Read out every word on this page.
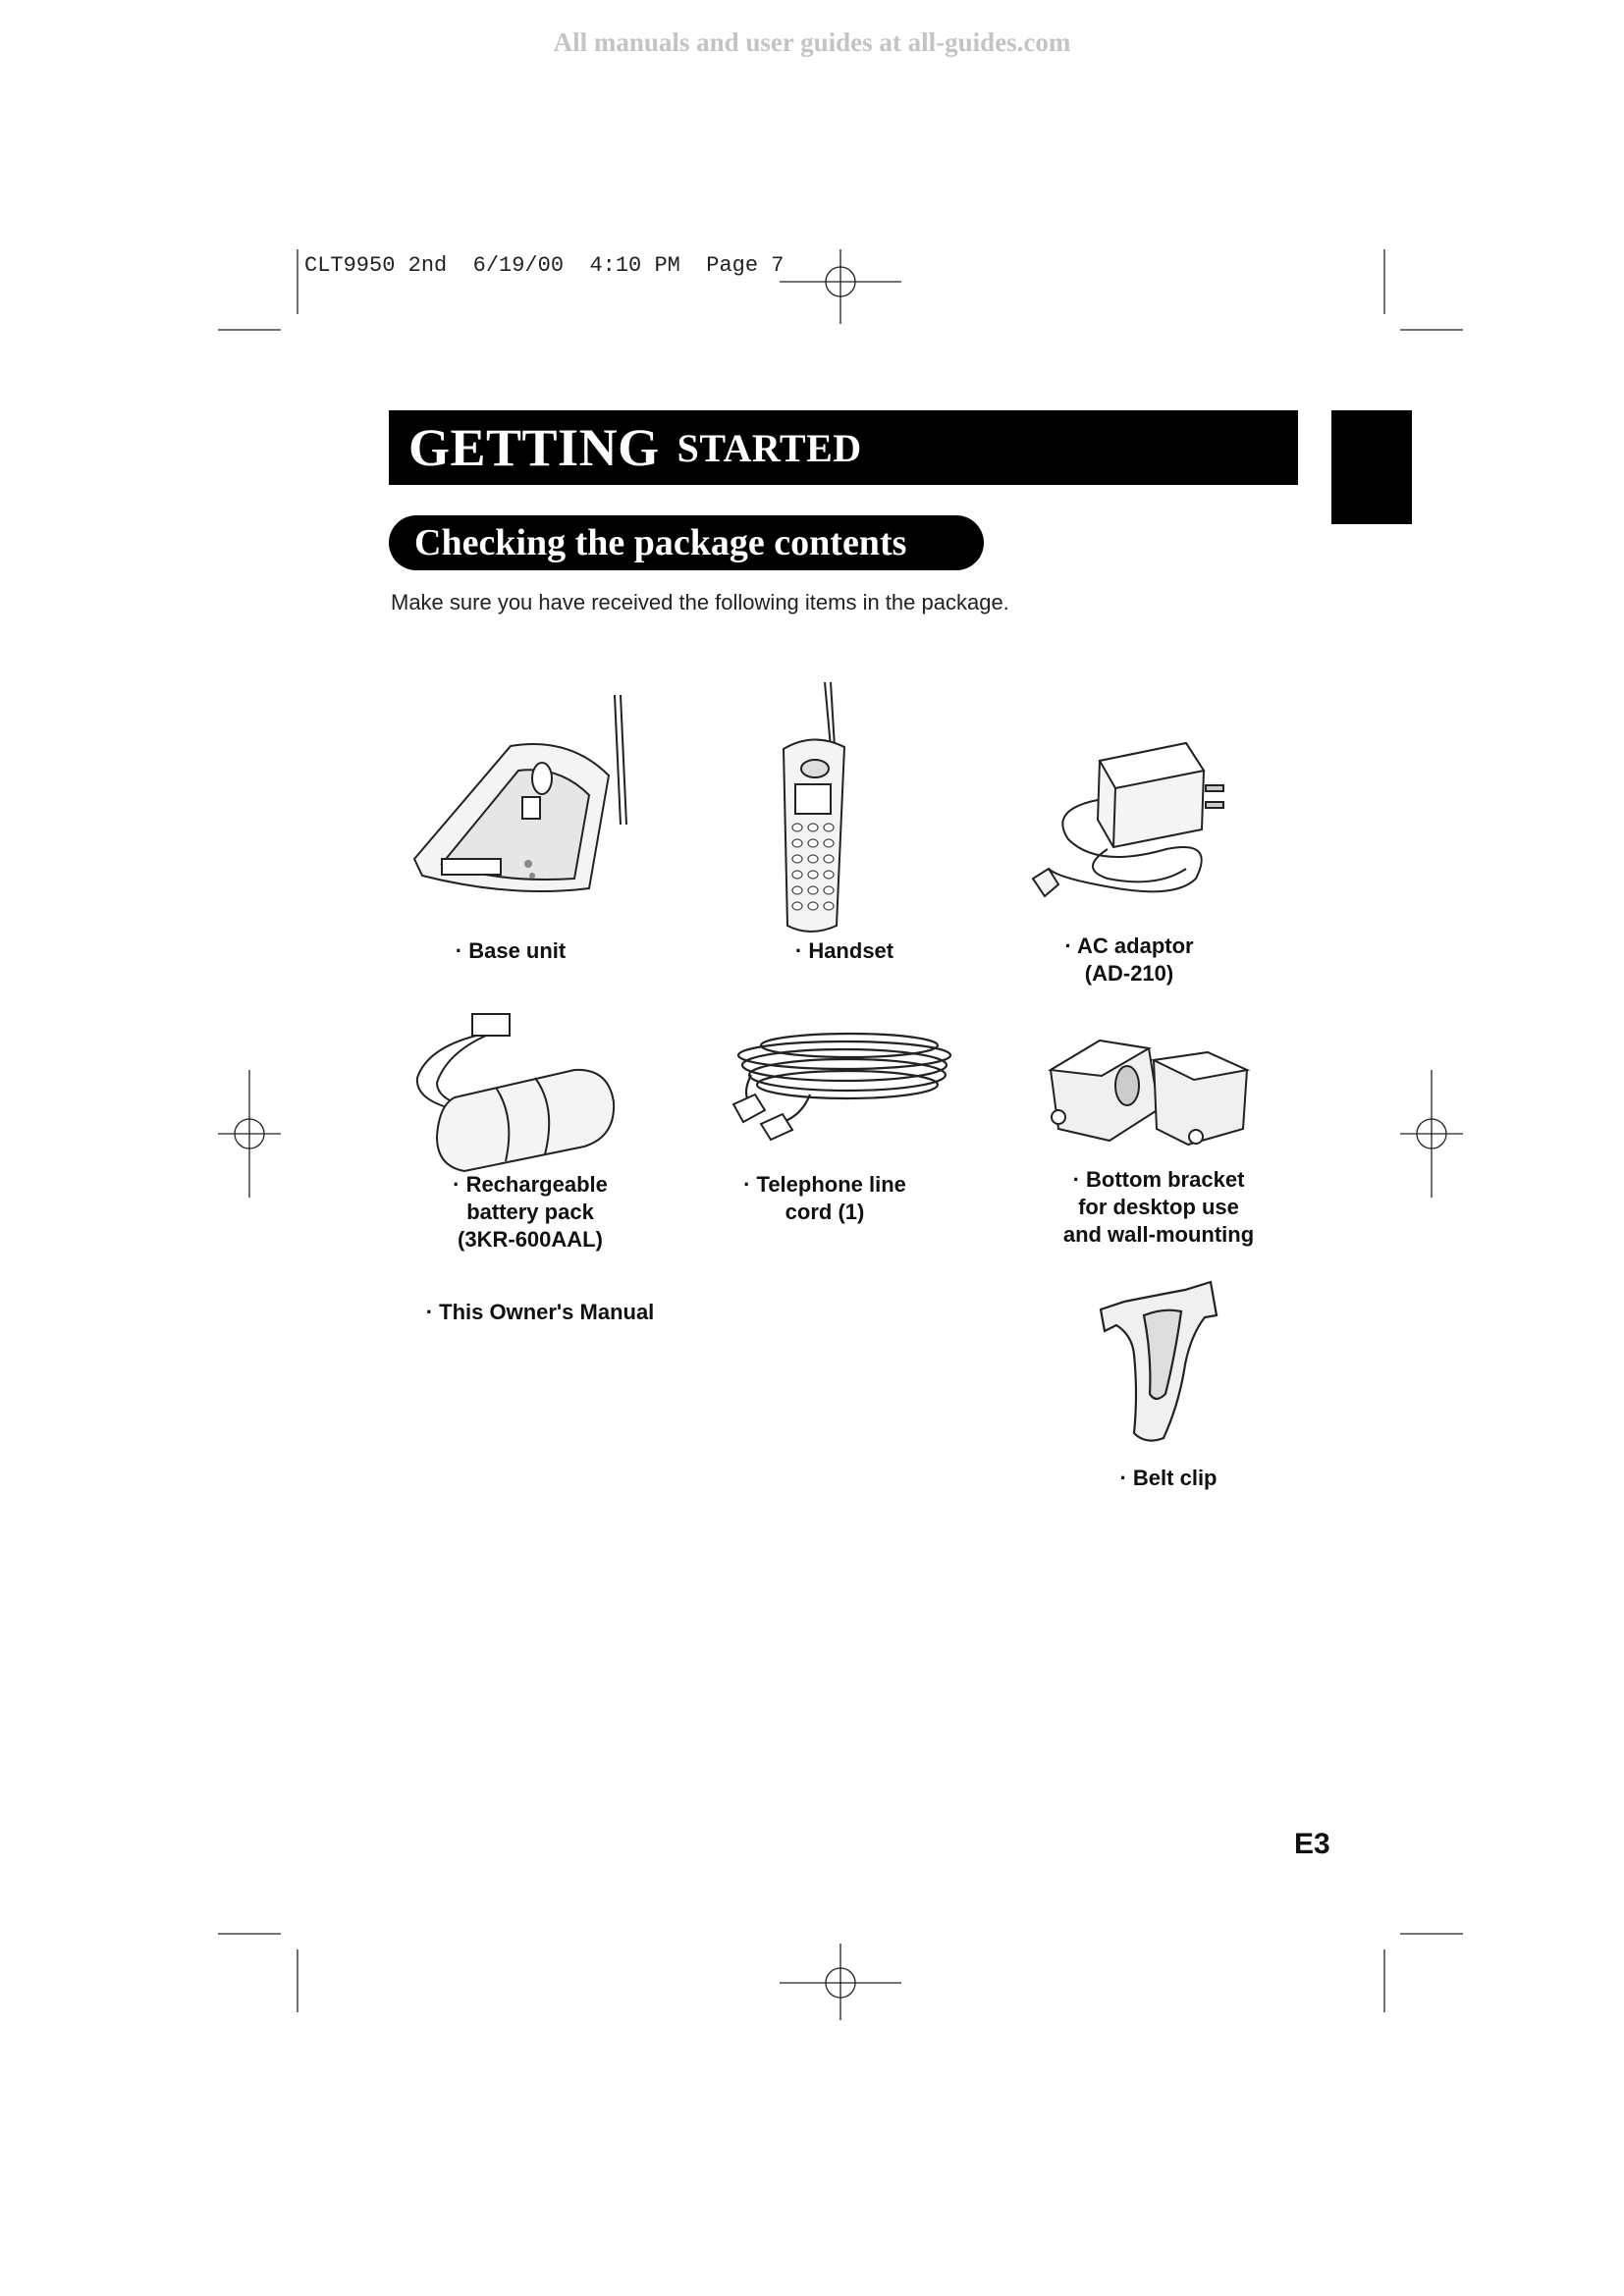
All manuals and user guides at all-guides.com
CLT9950 2nd  6/19/00  4:10 PM  Page 7
GETTING STARTED
Checking the package contents
Make sure you have received the following items in the package.
· Base unit	· Handset	· AC adaptor
(AD-210)
· Rechargeable
battery pack
(3KR-600AAL)
· Telephone line
cord (1)
· Bottom bracket
for desktop use
and wall-mounting
· This Owner's Manual
· Belt clip
E3
